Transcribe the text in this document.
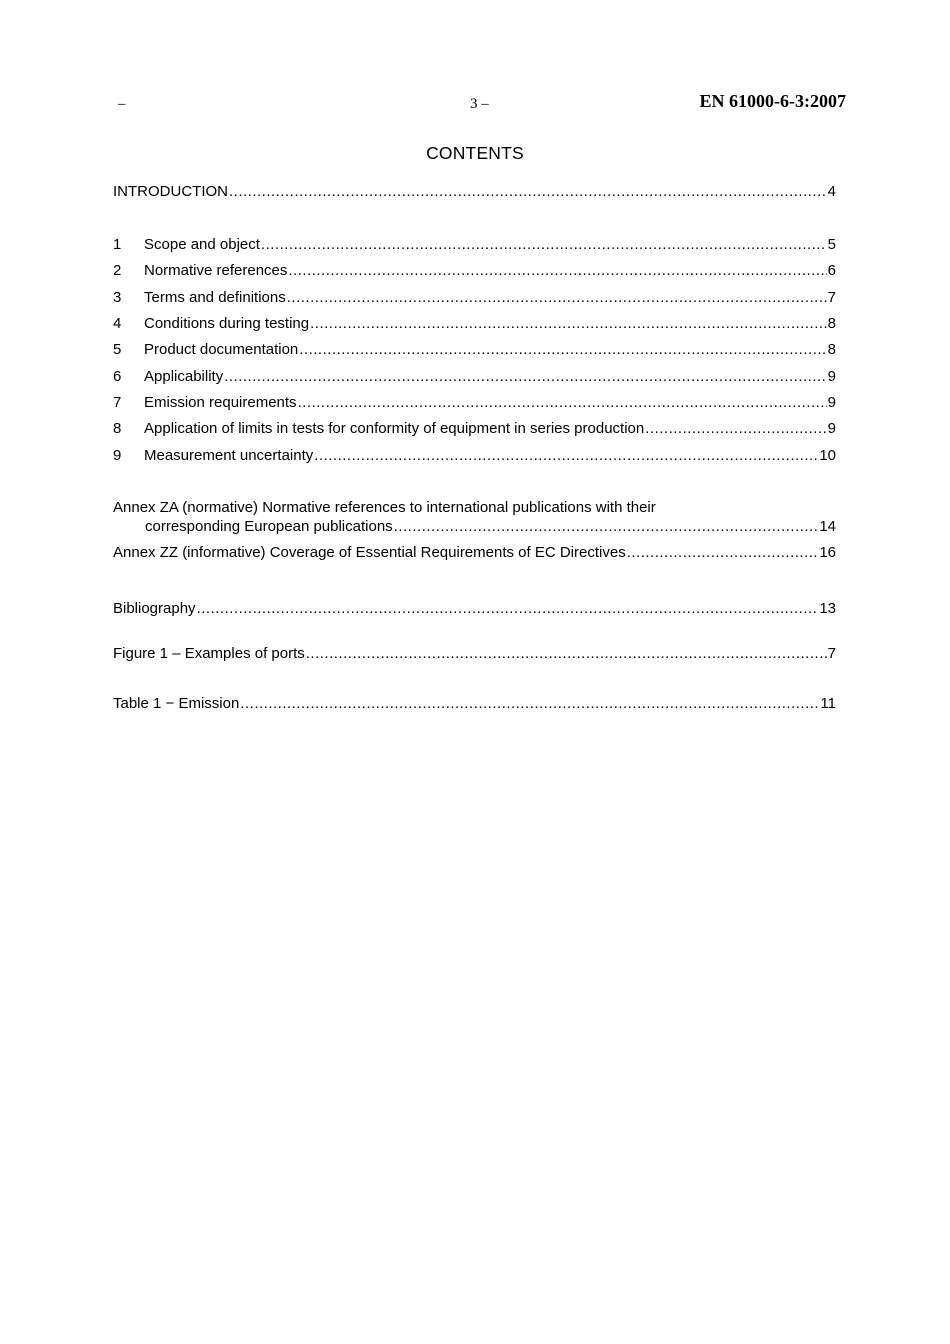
–	3 –	EN 61000-6-3:2007
CONTENTS
INTRODUCTION .....	4
1	Scope and object .....	5
2	Normative references .....	6
3	Terms and definitions .....	7
4	Conditions during testing .....	8
5	Product documentation .....	8
6	Applicability .....	9
7	Emission requirements .....	9
8	Application of limits in tests for conformity of equipment in series production .....	9
9	Measurement uncertainty .....	10
Annex ZA (normative) Normative references to international publications with their
corresponding European publications .....	14
Annex ZZ (informative) Coverage of Essential Requirements of EC Directives .....	16
Bibliography .....	13
Figure 1 – Examples of ports .....	7
Table 1 − Emission .....	11
